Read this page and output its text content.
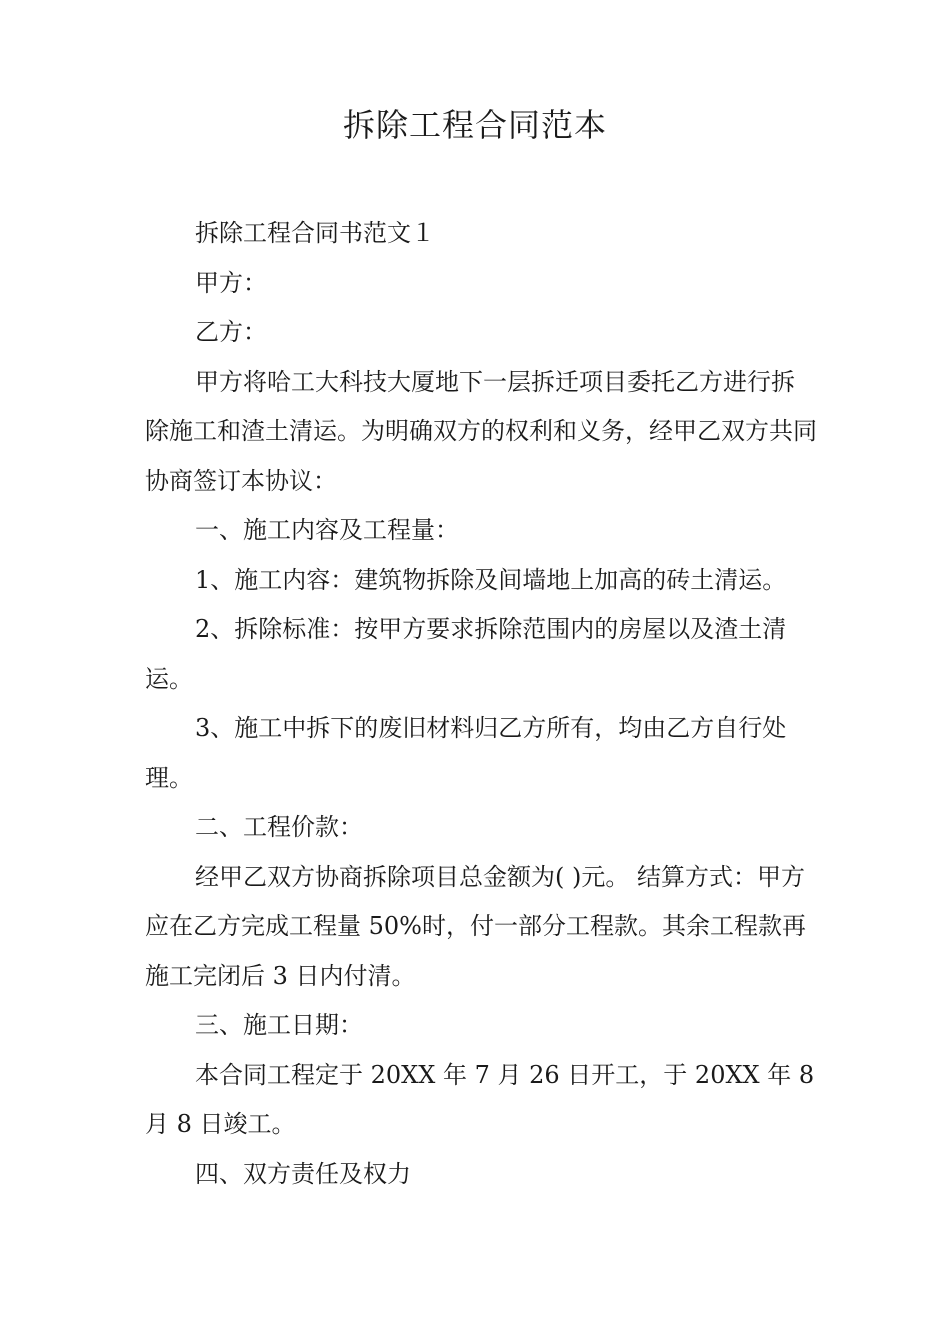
拆除工程合同范本

拆除工程合同书范文１

甲方：

乙方：

甲方将哈工大科技大厦地下一层拆迁项目委托乙方进行拆除施工和渣土清运。为明确双方的权利和义务，经甲乙双方共同协商签订本协议：

一、施工内容及工程量：

1、施工内容：建筑物拆除及间墙地上加高的砖土清运。

2、拆除标准：按甲方要求拆除范围内的房屋以及渣土清运。

3、施工中拆下的废旧材料归乙方所有，均由乙方自行处理。

二、工程价款：

经甲乙双方协商拆除项目总金额为( )元。 结算方式：甲方应在乙方完成工程量 50%时，付一部分工程款。其余工程款再施工完闭后 3 日内付清。

三、施工日期：

本合同工程定于 20XX 年 7 月 26 日开工，于 20XX 年 8 月 8 日竣工。

四、双方责任及权力
